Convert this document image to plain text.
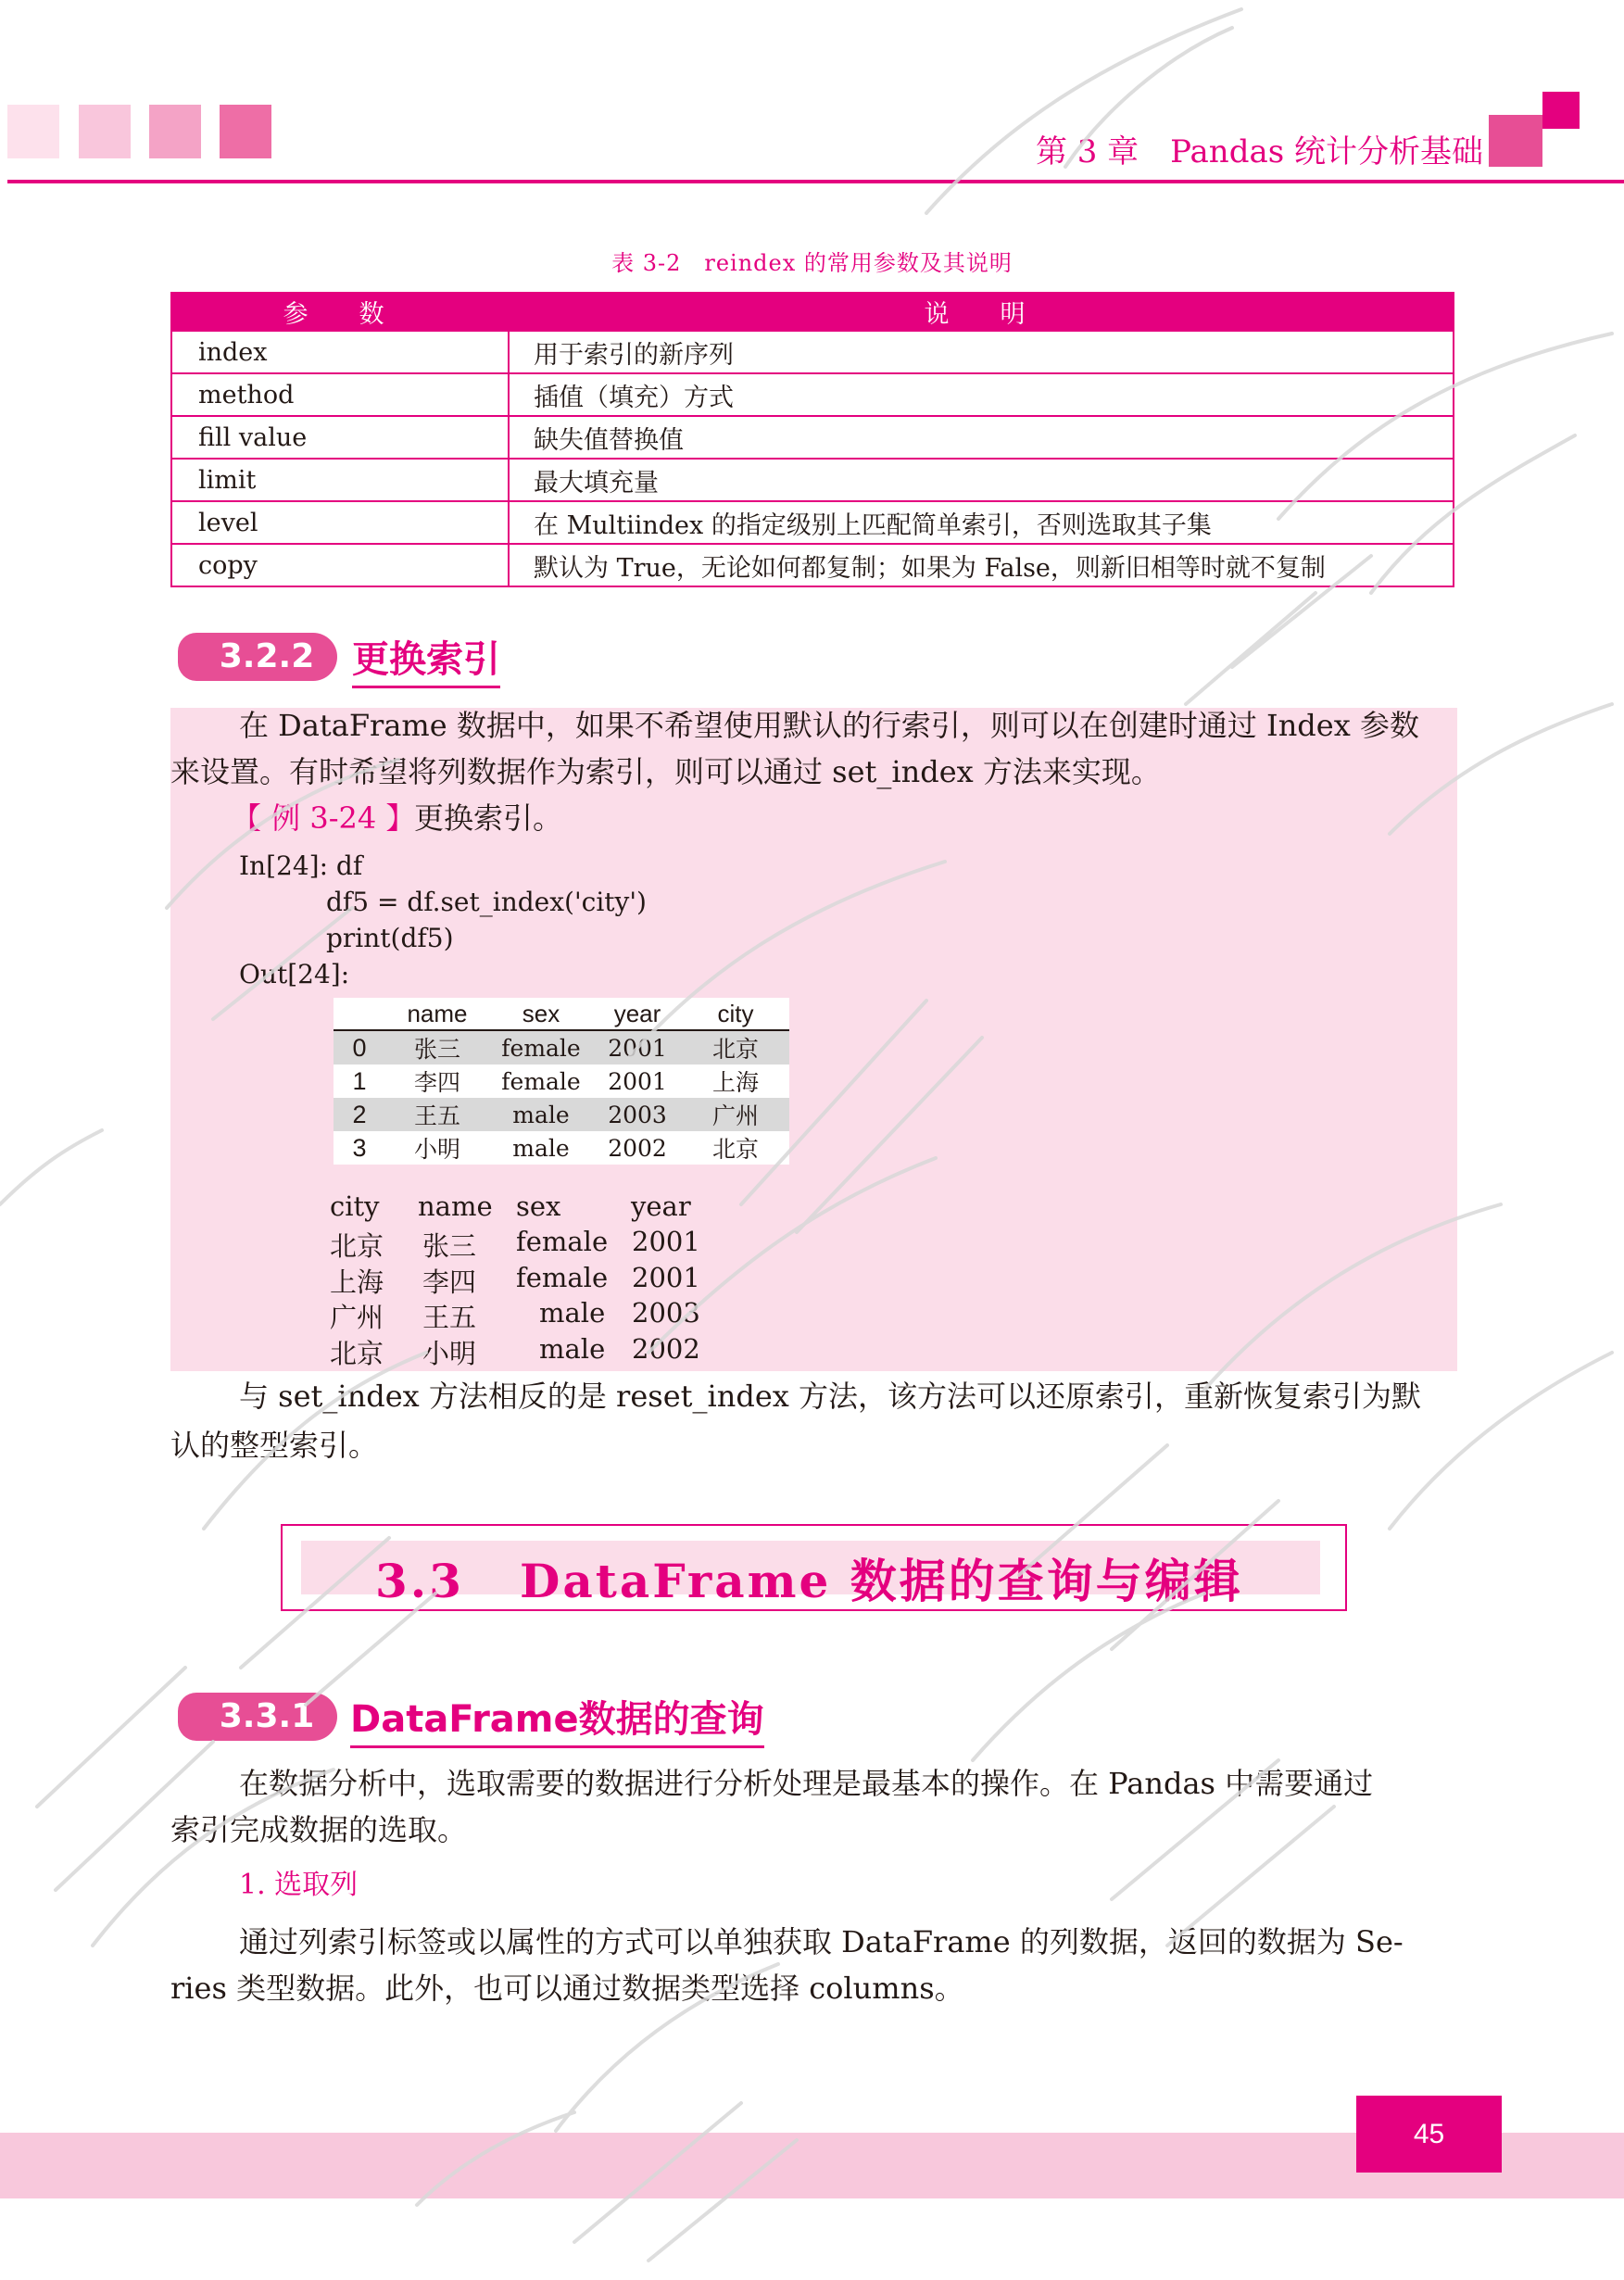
第 3 章　Pandas 统计分析基础
表 3-2　reindex 的常用参数及其说明
参　数	说　明
index	用于索引的新序列
method	插值（填充）方式
fill value	缺失值替换值
limit	最大填充量
level	在 Multiindex 的指定级别上匹配简单索引，否则选取其子集
copy	默认为 True，无论如何都复制；如果为 False，则新旧相等时就不复制
3.2.2	更换索引
在 DataFrame 数据中，如果不希望使用默认的行索引，则可以在创建时通过 Index 参数
来设置。有时希望将列数据作为索引，则可以通过 set_index 方法来实现。
【 例 3-24 】
更换索引。
In[24]: df
df5 = df.set_index('city')
print(df5)
Out[24]:
	name	sex	year	city
0	张三	female	2001	北京
1	李四	female	2001	上海
2	王五	male	2003	广州
3	小明	male	2002	北京
city name sex	year
北京 张三 female 2001
上海 李四 female 2001
广州 王五 male 2003
北京 小明 male 2002
与 set_index 方法相反的是 reset_index 方法，该方法可以还原索引，重新恢复索引为默
认的整型索引。
3.3 DataFrame 数据的查询与编辑
3.3.1 DataFrame数据的查询
在数据分析中，选取需要的数据进行分析处理是最基本的操作。在 Pandas 中需要通过
索引完成数据的选取。
1. 选取列
通过列索引标签或以属性的方式可以单独获取 DataFrame 的列数据，返回的数据为 Se-
ries 类型数据。此外，也可以通过数据类型选择 columns。
45
